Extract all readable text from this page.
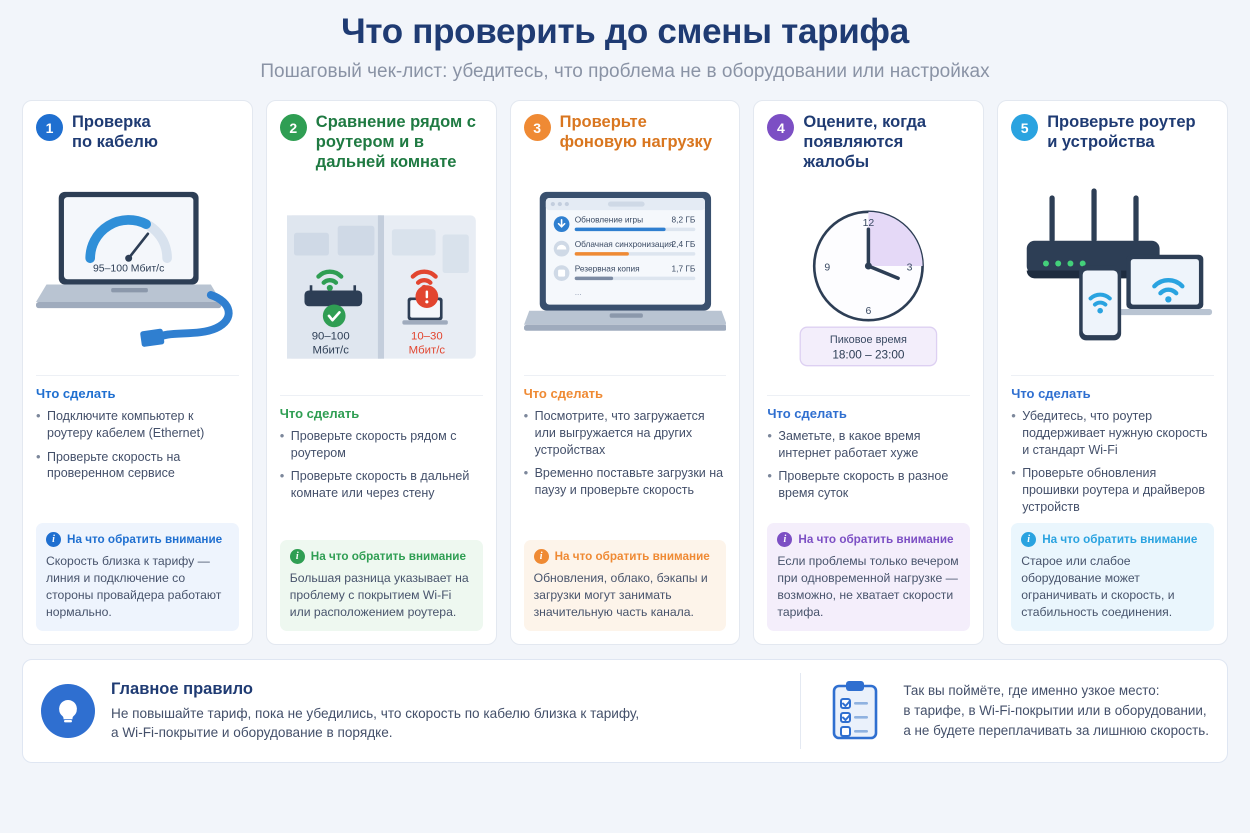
Что проверить до смены тарифа
Пошаговый чек-лист: убедитесь, что проблема не в оборудовании или настройках
1	Проверка
по кабелю
95–100 Мбит/с
Что сделать
• Подключите компьютер к роутеру кабелем (Ethernet)
• Проверьте скорость на проверенном сервисе
i	На что обратить внимание
Скорость близка к тарифу — линия и подключение со стороны провайдера работают нормально.
2	Сравнение рядом с роутером и в дальней комнате
90–100
Мбит/с
10–30
Мбит/с
Что сделать
• Проверьте скорость рядом с роутером
• Проверьте скорость в дальней комнате или через стену
i	На что обратить внимание
Большая разница указывает на проблему с покрытием Wi-Fi или расположением роутера.
3	Проверьте
фоновую нагрузку
Обновление игры	8,2 ГБ
Облачная синхронизация
2,4 ГБ
Резервная копия	1,7 ГБ
...
Что сделать
• Посмотрите, что загружается или выгружается на других устройствах
• Временно поставьте загрузки на паузу и проверьте скорость
i	На что обратить внимание
Обновления, облако, бэкапы и загрузки могут занимать значительную часть канала.
4	Оцените, когда появляются жалобы
12
3
6
9
Пиковое время
18:00 – 23:00
Что сделать
• Заметьте, в какое время интернет работает хуже
• Проверьте скорость в разное время суток
i	На что обратить внимание
Если проблемы только вечером при одновременной нагрузке — возможно, не хватает скорости тарифа.
5	Проверьте роутер
и устройства
Что сделать
• Убедитесь, что роутер поддерживает нужную скорость и стандарт Wi-Fi
• Проверьте обновления прошивки роутера и драйверов устройств
i	На что обратить внимание
Старое или слабое оборудование может ограничивать и скорость, и стабильность соединения.
Главное правило
Не повышайте тариф, пока не убедились, что скорость по кабелю близка к тарифу,
а Wi-Fi-покрытие и оборудование в порядке.
Так вы поймёте, где именно узкое место:
в тарифе, в Wi-Fi-покрытии или в оборудовании,
а не будете переплачивать за лишнюю скорость.
